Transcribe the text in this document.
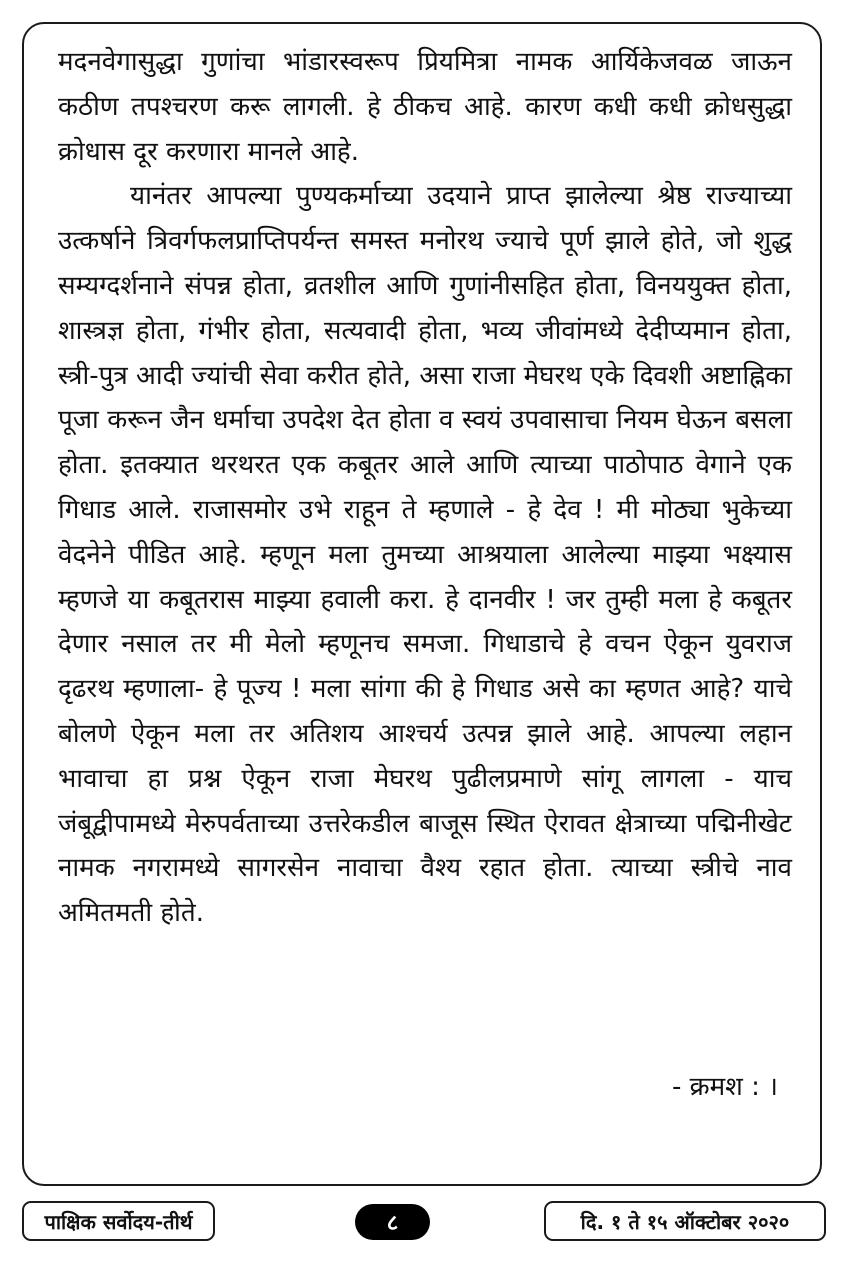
मदनवेगासुद्धा गुणांचा भांडारस्वरूप प्रियमित्रा नामक आर्यिकेजवळ जाऊन कठीण तपश्चरण करू लागली. हे ठीकच आहे. कारण कधी कधी क्रोधसुद्धा क्रोधास दूर करणारा मानले आहे.

यानंतर आपल्या पुण्यकर्माच्या उदयाने प्राप्त झालेल्या श्रेष्ठ राज्याच्या उत्कर्षाने त्रिवर्गफलप्राप्तिपर्यन्त समस्त मनोरथ ज्याचे पूर्ण झाले होते, जो शुद्ध सम्यग्दर्शनाने संपन्न होता, व्रतशील आणि गुणांनीसहित होता, विनययुक्त होता, शास्त्रज्ञ होता, गंभीर होता, सत्यवादी होता, भव्य जीवांमध्ये देदीप्यमान होता, स्त्री-पुत्र आदी ज्यांची सेवा करीत होते, असा राजा मेघरथ एके दिवशी अष्टाह्निका पूजा करून जैन धर्माचा उपदेश देत होता व स्वयं उपवासाचा नियम घेऊन बसला होता. इतक्यात थरथरत एक कबूतर आले आणि त्याच्या पाठोपाठ वेगाने एक गिधाड आले. राजासमोर उभे राहून ते म्हणाले - हे देव ! मी मोठ्या भुकेच्या वेदनेने पीडित आहे. म्हणून मला तुमच्या आश्रयाला आलेल्या माझ्या भक्ष्यास म्हणजे या कबूतरास माझ्या हवाली करा. हे दानवीर ! जर तुम्ही मला हे कबूतर देणार नसाल तर मी मेलो म्हणूनच समजा. गिधाडाचे हे वचन ऐकून युवराज दृढरथ म्हणाला- हे पूज्य ! मला सांगा की हे गिधाड असे का म्हणत आहे? याचे बोलणे ऐकून मला तर अतिशय आश्चर्य उत्पन्न झाले आहे. आपल्या लहान भावाचा हा प्रश्न ऐकून राजा मेघरथ पुढीलप्रमाणे सांगू लागला - याच जंबूद्वीपामध्ये मेरुपर्वताच्या उत्तरेकडील बाजूस स्थित ऐरावत क्षेत्राच्या पद्मिनीखेट नामक नगरामध्ये सागरसेन नावाचा वैश्य रहात होता. त्याच्या स्त्रीचे नाव अमितमती होते.

- क्रमश : ।
पाक्षिक सर्वोदय-तीर्थ	८	दि. १ ते १५ ऑक्टोबर २०२०
